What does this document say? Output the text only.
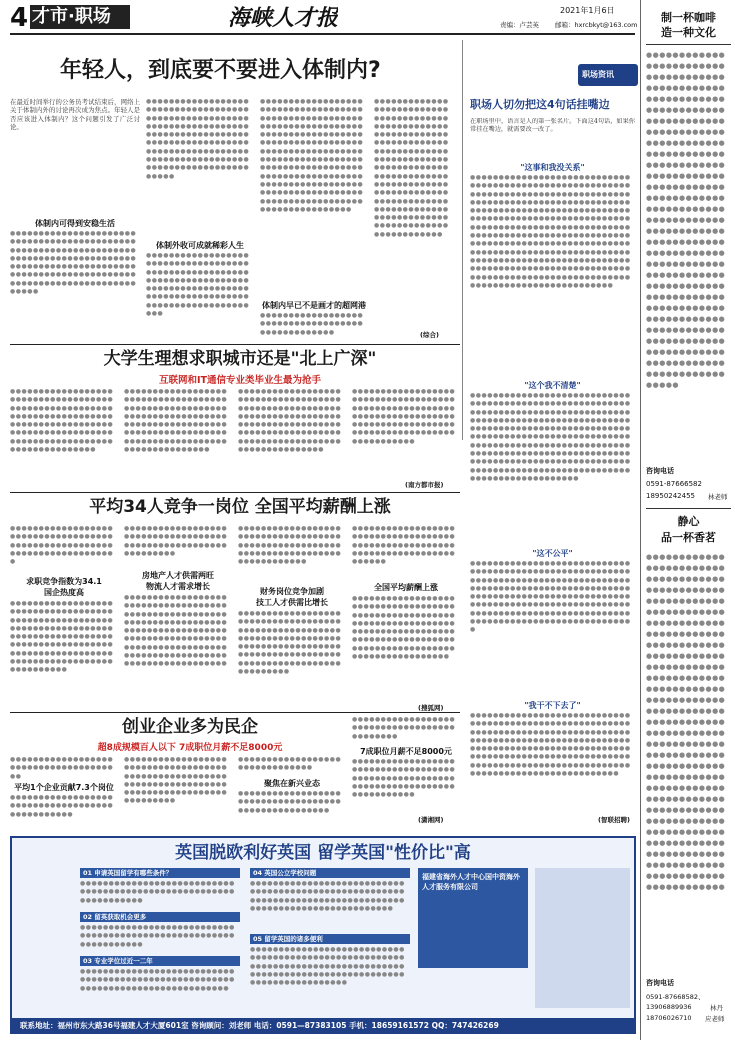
4 才市·职场	海峡人才报	2021年1月6日
责编：卢芸英 邮箱：hxrcbkyt@163.com
年轻人，到底要不要进入体制内?
在最近时间举行的公务员考试结束后，网络上关于体制内外的讨论再次成为焦点。年轻人是否应该进入体制内？这个问题引发了广泛讨论。
体制内可得到安稳生活
●●●●●●●●●●●●●●●●●●●●●●●●●●●●●●●●●●●●●●●●●●●●●●●●●●●●●●●●●●●●●●●●●●●●●●●●●●●●●●●●●●●●●●●●●●●●●●●●●●●●●●●●●●●●●●●●●●●●●●●●●●●●●●●●●●●●●●●●●●●●●●●●●●●●●●●●●●●●●●●
●●●●●●●●●●●●●●●●●●●●●●●●●●●●●●●●●●●●●●●●●●●●●●●●●●●●●●●●●●●●●●●●●●●●●●●●●●●●●●●●●●●●●●●●●●●●●●●●●●●●●●●●●●●●●●●●●●●●●●●●●●●●●●●●●●●●●●●●●●●●●●●●●●●●●●●●●●●●●●●●●●●●●●●
体制外收可成就稀彩人生
●●●●●●●●●●●●●●●●●●●●●●●●●●●●●●●●●●●●●●●●●●●●●●●●●●●●●●●●●●●●●●●●●●●●●●●●●●●●●●●●●●●●●●●●●●●●●●●●●●●●●●●●●●●●●●●●●●●●●●●●●●●●●●●●●
●●●●●●●●●●●●●●●●●●●●●●●●●●●●●●●●●●●●●●●●●●●●●●●●●●●●●●●●●●●●●●●●●●●●●●●●●●●●●●●●●●●●●●●●●●●●●●●●●●●●●●●●●●●●●●●●●●●●●●●●●●●●●●●●●●●●●●●●●●●●●●●●●●●●●●●●●●●●●●●●●●●●●●●●●●●●●●●●●●●●●●●●●●●●●●●●●●●●●●●●●●●●●●●●●●●●●●●●●●●●●●●●●●●●●●●●●●●●●●●●●●●●●●●●●●
体制内早已不是画才的超网港
●●●●●●●●●●●●●●●●●●●●●●●●●●●●●●●●●●●●●●●●●●●●●●●●●
●●●●●●●●●●●●●●●●●●●●●●●●●●●●●●●●●●●●●●●●●●●●●●●●●●●●●●●●●●●●●●●●●●●●●●●●●●●●●●●●●●●●●●●●●●●●●●●●●●●●●●●●●●●●●●●●●●●●●●●●●●●●●●●●●●●●●●●●●●●●●●●●●●●●●●●●●●●●●●●●●●●●●●●●●●●●●●●●●●●●●●●●●●●●●●●●●●●●●●●●●●●●●●●●●●●●●●●●●●●●
(综合)
职场资讯
职场人切勿把这4句话挂嘴边
在职场里中，语言是人的第一张名片。下面这4句话，如果你常挂在嘴边，就需要改一改了。
"这事和我没关系"
●●●●●●●●●●●●●●●●●●●●●●●●●●●●●●●●●●●●●●●●●●●●●●●●●●●●●●●●●●●●●●●●●●●●●●●●●●●●●●●●●●●●●●●●●●●●●●●●●●●●●●●●●●●●●●●●●●●●●●●●●●●●●●●●●●●●●●●●●●●●●●●●●●●●●●●●●●●●●●●●●●●●●●●●●●●●●●●●●●●●●●●●●●●●●●●●●●●●●●●●●●●●●●●●●●●●●●●●●●●●●●●●●●●●●●●●●●●●●●●●●●●●●●●●●●●●●●●●●●●●●●●●●●●●●●●●●●●●●●●●●●●●●●●●●●●●●●●●●●●●●●●●●●●●●●●●●●●●●●●●●●●●●●●●●●●●●●●●●●●●●●●●●●●●●●●●●●●●●●●●●●●●●●●●●●●●●●●●●●●●●●●●●●●●●
"这个我不清楚"
●●●●●●●●●●●●●●●●●●●●●●●●●●●●●●●●●●●●●●●●●●●●●●●●●●●●●●●●●●●●●●●●●●●●●●●●●●●●●●●●●●●●●●●●●●●●●●●●●●●●●●●●●●●●●●●●●●●●●●●●●●●●●●●●●●●●●●●●●●●●●●●●●●●●●●●●●●●●●●●●●●●●●●●●●●●●●●●●●●●●●●●●●●●●●●●●●●●●●●●●●●●●●●●●●●●●●●●●●●●●●●●●●●●●●●●●●●●●●●●●●●●●●●●●●●●●●●●●●●●●●●●●●●●●●●●●●●●●●●●●●●●●●●●●●●●●●●●●●●●
"这不公平"
●●●●●●●●●●●●●●●●●●●●●●●●●●●●●●●●●●●●●●●●●●●●●●●●●●●●●●●●●●●●●●●●●●●●●●●●●●●●●●●●●●●●●●●●●●●●●●●●●●●●●●●●●●●●●●●●●●●●●●●●●●●●●●●●●●●●●●●●●●●●●●●●●●●●●●●●●●●●●●●●●●●●●●●●●●●●●●●●●●●●●●●●●●●●●●●●●●●●●●●●●●●●●●●●●●●●●●●●●●●●●●●●●
"我干不下去了"
●●●●●●●●●●●●●●●●●●●●●●●●●●●●●●●●●●●●●●●●●●●●●●●●●●●●●●●●●●●●●●●●●●●●●●●●●●●●●●●●●●●●●●●●●●●●●●●●●●●●●●●●●●●●●●●●●●●●●●●●●●●●●●●●●●●●●●●●●●●●●●●●●●●●●●●●●●●●●●●●●●●●●●●●●●●●●●●●●●●●●●●●●●●●●●●●●●●●●●●●●●●●●●●●●●●●●●●●●●●●●●
(智联招聘)
大学生理想求职城市还是"北上广深"
互联网和IT通信专业类毕业生最为抢手
●●●●●●●●●●●●●●●●●●●●●●●●●●●●●●●●●●●●●●●●●●●●●●●●●●●●●●●●●●●●●●●●●●●●●●●●●●●●●●●●●●●●●●●●●●●●●●●●●●●●●●●●●●●●●●●●●●●●●●●●●●●●●●●●●●●●●●●●●●●●●
●●●●●●●●●●●●●●●●●●●●●●●●●●●●●●●●●●●●●●●●●●●●●●●●●●●●●●●●●●●●●●●●●●●●●●●●●●●●●●●●●●●●●●●●●●●●●●●●●●●●●●●●●●●●●●●●●●●●●●●●●●●●●●●●●●●●●●●●●●●●●
●●●●●●●●●●●●●●●●●●●●●●●●●●●●●●●●●●●●●●●●●●●●●●●●●●●●●●●●●●●●●●●●●●●●●●●●●●●●●●●●●●●●●●●●●●●●●●●●●●●●●●●●●●●●●●●●●●●●●●●●●●●●●●●●●●●●●●●●●●●●●
●●●●●●●●●●●●●●●●●●●●●●●●●●●●●●●●●●●●●●●●●●●●●●●●●●●●●●●●●●●●●●●●●●●●●●●●●●●●●●●●●●●●●●●●●●●●●●●●●●●●●●●●●●●●●●●●●●●●●●●
(南方都市报)
平均34人竞争一岗位 全国平均薪酬上涨
●●●●●●●●●●●●●●●●●●●●●●●●●●●●●●●●●●●●●●●●●●●●●●●●●●●●●●●●●●●●●●●●●●●●●●●●●
求职竞争指数为34.1
国企热度高
●●●●●●●●●●●●●●●●●●●●●●●●●●●●●●●●●●●●●●●●●●●●●●●●●●●●●●●●●●●●●●●●●●●●●●●●●●●●●●●●●●●●●●●●●●●●●●●●●●●●●●●●●●●●●●●●●●●●●●●●●●●●●●●●●●●●●●●●●●●●●●●●●●●●●●●●●●
●●●●●●●●●●●●●●●●●●●●●●●●●●●●●●●●●●●●●●●●●●●●●●●●●●●●●●●●●●●●●●●
房地产人才供需两旺
物流人才需求增长
●●●●●●●●●●●●●●●●●●●●●●●●●●●●●●●●●●●●●●●●●●●●●●●●●●●●●●●●●●●●●●●●●●●●●●●●●●●●●●●●●●●●●●●●●●●●●●●●●●●●●●●●●●●●●●●●●●●●●●●●●●●●●●●●●●●●●●●●●●●●●●●●●●●●●●●●●●●●●●●●●●
●●●●●●●●●●●●●●●●●●●●●●●●●●●●●●●●●●●●●●●●●●●●●●●●●●●●●●●●●●●●●●●●●●●●●●●●●●●●●●●●●●●●
财务岗位竞争加剧
技工人才供需比增长
●●●●●●●●●●●●●●●●●●●●●●●●●●●●●●●●●●●●●●●●●●●●●●●●●●●●●●●●●●●●●●●●●●●●●●●●●●●●●●●●●●●●●●●●●●●●●●●●●●●●●●●●●●●●●●●●●●●●●●●●●●●●●●●●●●●●●●●
●●●●●●●●●●●●●●●●●●●●●●●●●●●●●●●●●●●●●●●●●●●●●●●●●●●●●●●●●●●●●●●●●●●●●●●●●●●●●●
全国平均薪酬上涨
●●●●●●●●●●●●●●●●●●●●●●●●●●●●●●●●●●●●●●●●●●●●●●●●●●●●●●●●●●●●●●●●●●●●●●●●●●●●●●●●●●●●●●●●●●●●●●●●●●●●●●●●●●●●●●●●●●●●●●●●●●●●●●●●●●●●●●●●●●●●●●●
(搜狐网)
创业企业多为民企
超8成规模百人以下 7成职位月薪不足8000元
●●●●●●●●●●●●●●●●●●●●●●●●●●●●●●●●●●●●●●
平均1个企业贡献7.3个岗位
●●●●●●●●●●●●●●●●●●●●●●●●●●●●●●●●●●●●●●●●●●●●●●●
●●●●●●●●●●●●●●●●●●●●●●●●●●●●●●●●●●●●●●●●●●●●●●●●●●●●●●●●●●●●●●●●●●●●●●●●●●●●●●●●●●●●●●●●●●●●●●●●●●●
●●●●●●●●●●●●●●●●●●●●●●●●●●●●●●●
聚焦在新兴业态
●●●●●●●●●●●●●●●●●●●●●●●●●●●●●●●●●●●●●●●●●●●●●●●●●●●●
●●●●●●●●●●●●●●●●●●●●●●●●●●●●●●●●●●●●●●●●●●●●
7成职位月薪不足8000元
●●●●●●●●●●●●●●●●●●●●●●●●●●●●●●●●●●●●●●●●●●●●●●●●●●●●●●●●●●●●●●●●●●●●●●●●●●●●●●●●●●●
(潇湘网)
制一杯咖啡
造一种文化
●●●●●●●●●●●●●●●●●●●●●●●●●●●●●●●●●●●●●●●●●●●●●●●●●●●●●●●●●●●●●●●●●●●●●●●●●●●●●●●●●●●●●●●●●●●●●●●●●●●●●●●●●●●●●●●●●●●●●●●●●●●●●●●●●●●●●●●●●●●●●●●●●●●●●●●●●●●●●●●●●●●●●●●●●●●●●●●●●●●●●●●●●●●●●●●●●●●●●●●●●●●●●●●●●●●●●●●●●●●●●●●●●●●●●●●●●●●●●●●●●●●●●●●●●●●●●●●●●●●●●●●●●●●●●●●●●●●●●●●●●●●●●●●●●●●●●●●●●●●●●●●●●●●●●●●●●●●●●●●●●●●●●●●●●●●●●●●●●●●●●●●●●●●●●●●●●●●●●●●●●●●●●
咨询电话
0591-87666582
18950242455 林老师
静心
品一杯香茗
●●●●●●●●●●●●●●●●●●●●●●●●●●●●●●●●●●●●●●●●●●●●●●●●●●●●●●●●●●●●●●●●●●●●●●●●●●●●●●●●●●●●●●●●●●●●●●●●●●●●●●●●●●●●●●●●●●●●●●●●●●●●●●●●●●●●●●●●●●●●●●●●●●●●●●●●●●●●●●●●●●●●●●●●●●●●●●●●●●●●●●●●●●●●●●●●●●●●●●●●●●●●●●●●●●●●●●●●●●●●●●●●●●●●●●●●●●●●●●●●●●●●●●●●●●●●●●●●●●●●●●●●●●●●●●●●●●●●●●●●●●●●●●●●●●●●●●●●●●●●●●●●●●●●●●●●●●●●●●●●●●●●●●●●●●●●●●●●●●●●●●●●●●●●●●●●●●●●●●●●●●●●●●●●●●●●
咨询电话
0591-87668582、
13906889936	林丹
18706026710 应老师
英国脱欧利好英国 留学英国"性价比"高
01 申请英国留学有哪些条件？
●●●●●●●●●●●●●●●●●●●●●●●●●●●●●●●●●●●●●●●●●●●●●●●●●●●●●●●●●●●●●●●●●
02 留英获取机会更多
●●●●●●●●●●●●●●●●●●●●●●●●●●●●●●●●●●●●●●●●●●●●●●●●●●●●●●●●●●●●●●●●●
03 专业学位过近一二年
●●●●●●●●●●●●●●●●●●●●●●●●●●●●●●●●●●●●●●●●●●●●●●●●●●●●●●●●●●●●●●●●●●●●●●●●●●●●●●●●
04 英国公立学校问题
●●●●●●●●●●●●●●●●●●●●●●●●●●●●●●●●●●●●●●●●●●●●●●●●●●●●●●●●●●●●●●●●●●●●●●●●●●●●●●●●●●●●●●●●●●●●●●●●●●●●●●●●●●
05 留学英国的诸多便利
●●●●●●●●●●●●●●●●●●●●●●●●●●●●●●●●●●●●●●●●●●●●●●●●●●●●●●●●●●●●●●●●●●●●●●●●●●●●●●●●●●●●●●●●●●●●●●●●●●●●●●●●●●●●●●●●●●●●●●●●●●●●●
福建省海外人才中心国中资海外人才服务有限公司
联系地址：福州市东大路36号福建人才大厦601室 咨询顾问：刘老师 电话：0591—87383105 手机：18659161572 QQ：747426269
